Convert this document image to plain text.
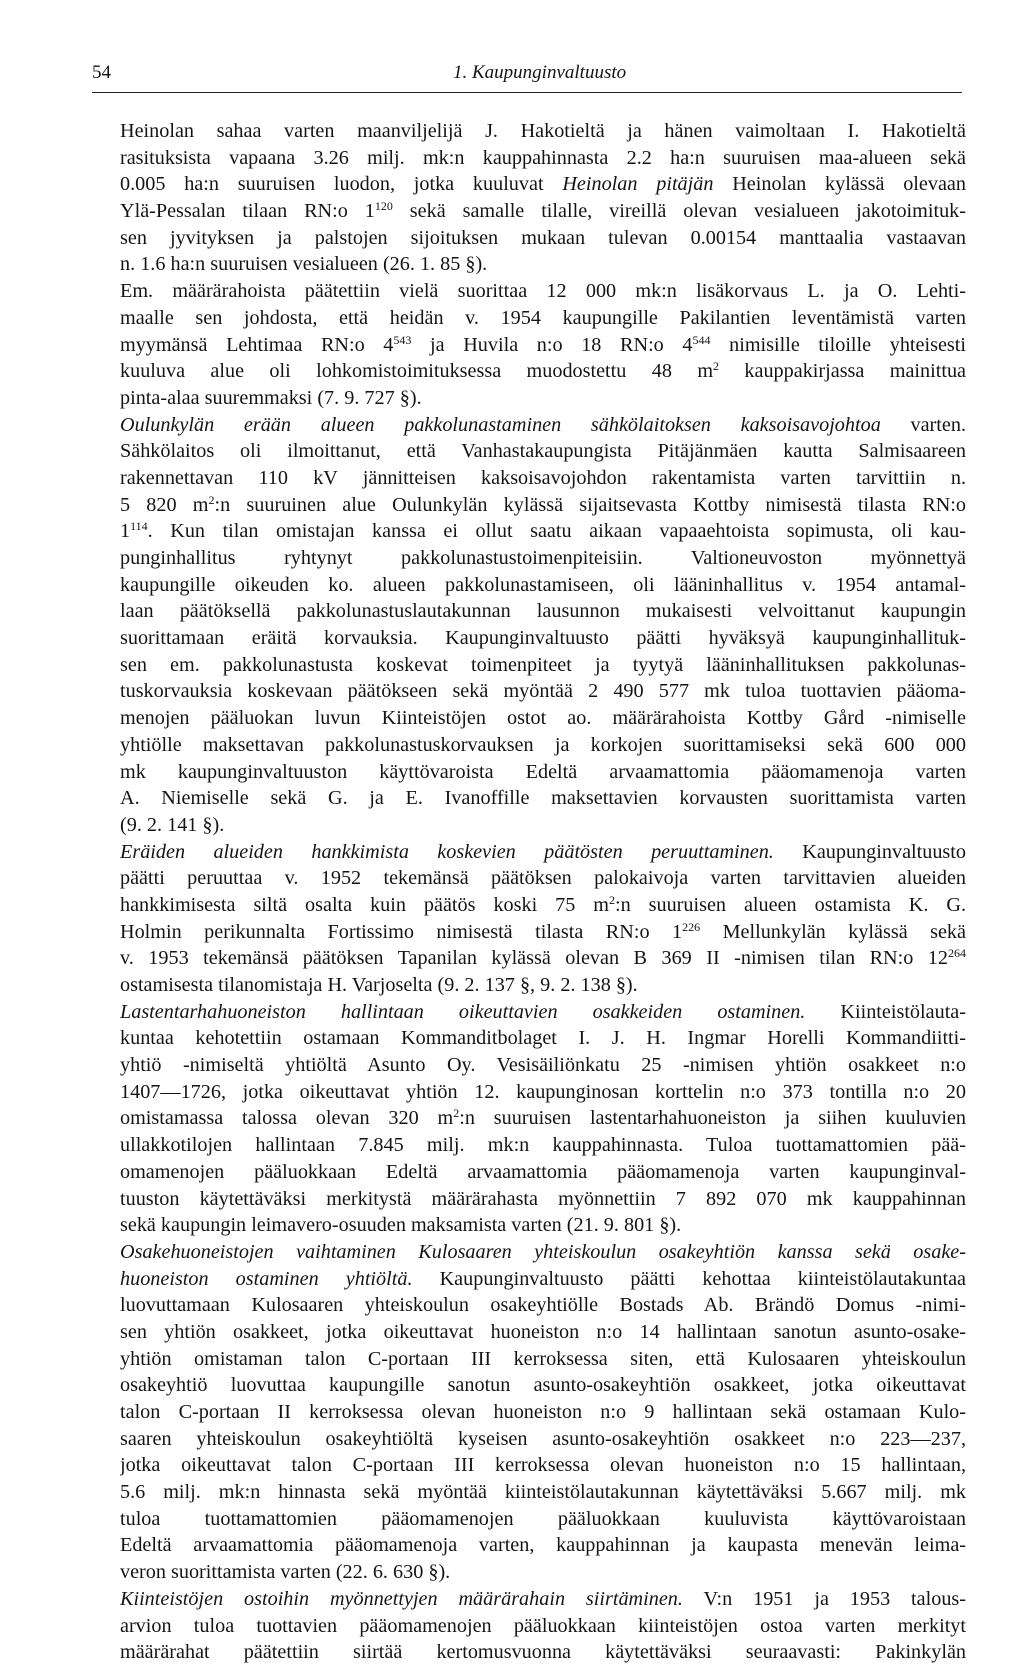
54	1. Kaupunginvaltuusto
Heinolan sahaa varten maanviljelijä J. Hakotieltä ja hänen vaimoltaan I. Hakotieltä
rasituksista vapaana 3.26 milj. mk:n kauppahinnasta 2.2 ha:n suuruisen maa-alueen sekä
0.005 ha:n suuruisen luodon, jotka kuuluvat Heinolan pitäjän Heinolan kylässä olevaan
Ylä-Pessalan tilaan RN:o $1^{120}$ sekä samalle tilalle, vireillä olevan vesialueen jakotoimituk-
sen jyvityksen ja palstojen sijoituksen mukaan tulevan 0.00154 manttaalia vastaavan
n. 1.6 ha:n suuruisen vesialueen (26. 1. 85 §).
Em. määrärahoista päätettiin vielä suorittaa 12 000 mk:n lisäkorvaus L. ja O. Lehti-
maalle sen johdosta, että heidän v. 1954 kaupungille Pakilantien leventämistä varten
myymänsä Lehtimaa RN:o $4^{543}$ ja Huvila n:o 18 RN:o $4^{544}$ nimisille tiloille yhteisesti
kuuluva alue oli lohkomistoimituksessa muodostettu 48 $m^2$ kauppakirjassa mainittua
pinta-alaa suuremmaksi (7. 9. 727 §).
Oulunkylän erään alueen pakkolunastaminen sähkölaitoksen kaksoisavojohtoa varten.
Sähkölaitos oli ilmoittanut, että Vanhastakaupungista Pitäjänmäen kautta Salmisaareen
rakennettavan 110 kV jännitteisen kaksoisavojohdon rakentamista varten tarvittiin n.
5 820 $m^2:n$ suuruinen alue Oulunkylän kylässä sijaitsevasta Kottby nimisestä tilasta RN:o
$1^{114}$. Kun tilan omistajan kanssa ei ollut saatu aikaan vapaaehtoista sopimusta, oli kau-
punginhallitus ryhtynyt pakkolunastustoimenpiteisiin. Valtioneuvoston myönnettyä
kaupungille oikeuden ko. alueen pakkolunastamiseen, oli lääninhallitus v. 1954 antamal-
laan päätöksellä pakkolunastuslautakunnan lausunnon mukaisesti velvoittanut kaupungin
suorittamaan eräitä korvauksia. Kaupunginvaltuusto päätti hyväksyä kaupunginhallituk-
sen em. pakkolunastusta koskevat toimenpiteet ja tyytyä lääninhallituksen pakkolunas-
tuskorvauksia koskevaan päätökseen sekä myöntää 2 490 577 mk tuloa tuottavien pääoma-
menojen pääluokan luvun Kiinteistöjen ostot ao. määrärahoista Kottby Gård -nimiselle
yhtiölle maksettavan pakkolunastuskorvauksen ja korkojen suorittamiseksi sekä 600 000
mk kaupunginvaltuuston käyttövaroista Edeltä arvaamattomia pääomamenoja varten
A. Niemiselle sekä G. ja E. Ivanoffille maksettavien korvausten suorittamista varten
(9. 2. 141 §).
Eräiden alueiden hankkimista koskevien päätösten peruuttaminen. Kaupunginvaltuusto
päätti peruuttaa v. 1952 tekemänsä päätöksen palokaivoja varten tarvittavien alueiden
hankkimisesta siltä osalta kuin päätös koski 75 $m^2:n$ suuruisen alueen ostamista K. G.
Holmin perikunnalta Fortissimo nimisestä tilasta RN:o $1^{226}$ Mellunkylän kylässä sekä
v. 1953 tekemänsä päätöksen Tapanilan kylässä olevan B 369 II -nimisen tilan RN:o $12^{264}$
ostamisesta tilanomistaja H. Varjoselta (9. 2. 137 §, 9. 2. 138 §).
Lastentarhahuoneiston hallintaan oikeuttavien osakkeiden ostaminen. Kiinteistölauta-
kuntaa kehotettiin ostamaan Kommanditbolaget I. J. H. Ingmar Horelli Kommandiitti-
yhtiö -nimiseltä yhtiöltä Asunto Oy. Vesisäiliönkatu 25 -nimisen yhtiön osakkeet n:o
1407—1726, jotka oikeuttavat yhtiön 12. kaupunginosan korttelin n:o 373 tontilla n:o 20
omistamassa talossa olevan 320 $m^2:n$ suuruisen lastentarhahuoneiston ja siihen kuuluvien
ullakkotilojen hallintaan 7.845 milj. mk:n kauppahinnasta. Tuloa tuottamattomien pää-
omamenojen pääluokkaan Edeltä arvaamattomia pääomamenoja varten kaupunginval-
tuuston käytettäväksi merkitystä määrärahasta myönnettiin 7 892 070 mk kauppahinnan
sekä kaupungin leimavero-osuuden maksamista varten (21. 9. 801 §).
Osakehuoneistojen vaihtaminen Kulosaaren yhteiskoulun osakeyhtiön kanssa sekä osake-
huoneiston ostaminen yhtiöltä. Kaupunginvaltuusto päätti kehottaa kiinteistölautakuntaa
luovuttamaan Kulosaaren yhteiskoulun osakeyhtiölle Bostads Ab. Brändö Domus -nimi-
sen yhtiön osakkeet, jotka oikeuttavat huoneiston n:o 14 hallintaan sanotun asunto-osake-
yhtiön omistaman talon C-portaan III kerroksessa siten, että Kulosaaren yhteiskoulun
osakeyhtiö luovuttaa kaupungille sanotun asunto-osakeyhtiön osakkeet, jotka oikeuttavat
talon C-portaan II kerroksessa olevan huoneiston n:o 9 hallintaan sekä ostamaan Kulo-
saaren yhteiskoulun osakeyhtiöltä kyseisen asunto-osakeyhtiön osakkeet n:o 223—237,
jotka oikeuttavat talon C-portaan III kerroksessa olevan huoneiston n:o 15 hallintaan,
5.6 milj. mk:n hinnasta sekä myöntää kiinteistölautakunnan käytettäväksi 5.667 milj. mk
tuloa tuottamattomien pääomamenojen pääluokkaan kuuluvista käyttövaroistaan
Edeltä arvaamattomia pääomamenoja varten, kauppahinnan ja kaupasta menevän leima-
veron suorittamista varten (22. 6. 630 §).
Kiinteistöjen ostoihin myönnettyjen määrärahain siirtäminen. V:n 1951 ja 1953 talous-
arvion tuloa tuottavien pääomamenojen pääluokkaan kiinteistöjen ostoa varten merkityt
määrärahat päätettiin siirtää kertomusvuonna käytettäväksi seuraavasti: Pakinkylän
